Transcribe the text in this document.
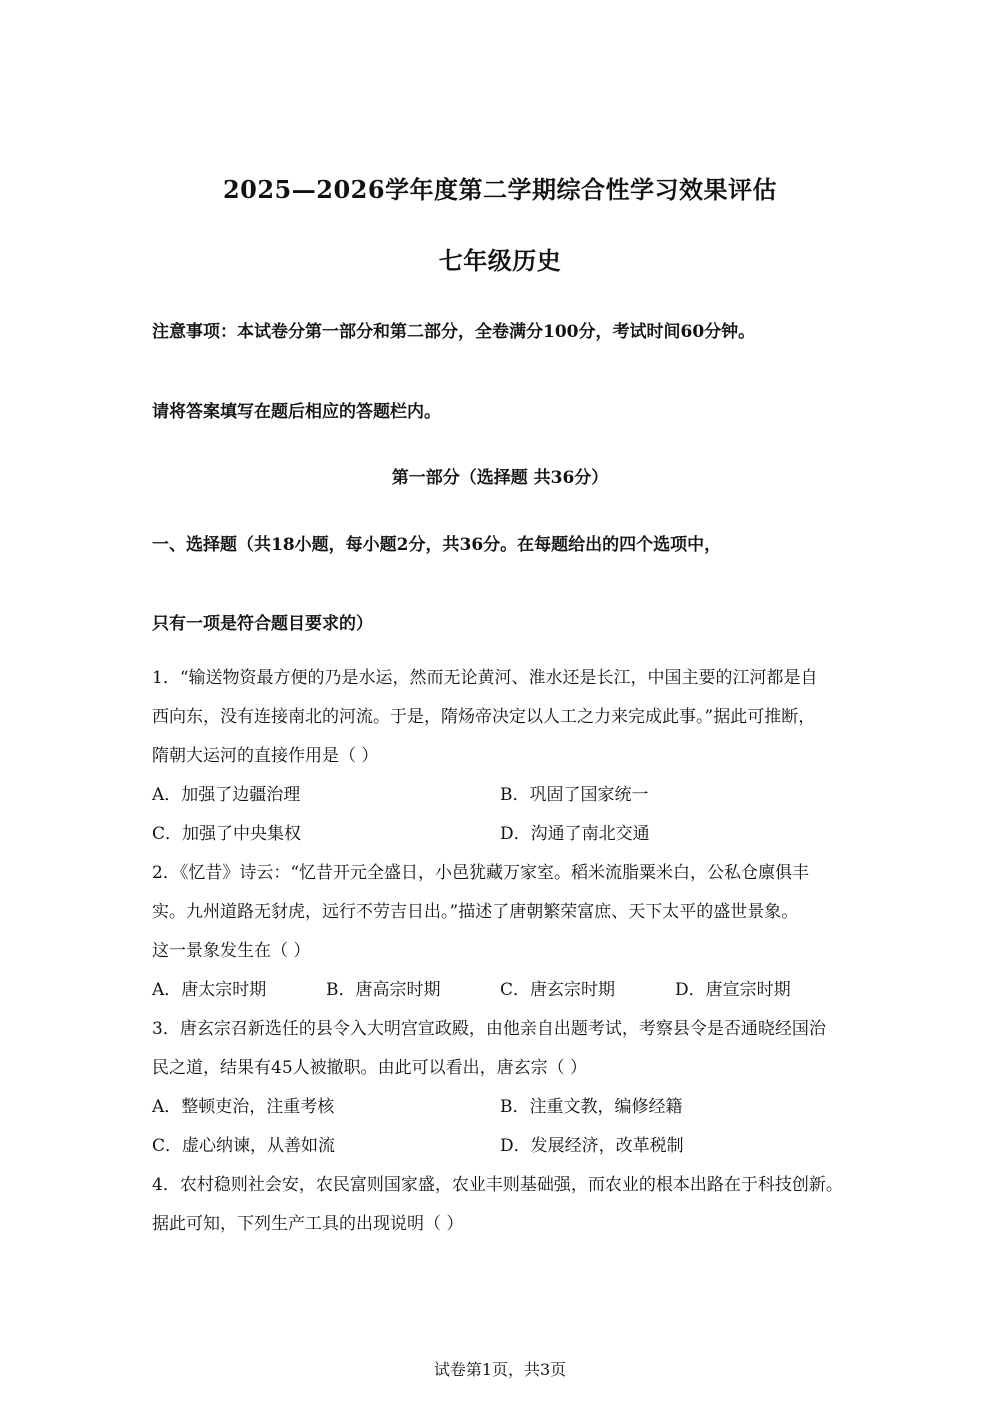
2025—2026学年度第二学期综合性学习效果评估
七年级历史
注意事项：本试卷分第一部分和第二部分，全卷满分100分，考试时间60分钟。
请将答案填写在题后相应的答题栏内。
第一部分（选择题 共36分）
一、选择题（共18小题，每小题2分，共36分。在每题给出的四个选项中，
只有一项是符合题目要求的）
1．“输送物资最方便的乃是水运，然而无论黄河、淮水还是长江，中国主要的江河都是自
西向东，没有连接南北的河流。于是，隋炀帝决定以人工之力来完成此事。”据此可推断，
隋朝大运河的直接作用是（ ）
A．加强了边疆治理	B．巩固了国家统一
C．加强了中央集权	D．沟通了南北交通
2．《忆昔》诗云：“忆昔开元全盛日，小邑犹藏万家室。稻米流脂粟米白，公私仓廪俱丰
实。九州道路无豺虎，远行不劳吉日出。”描述了唐朝繁荣富庶、天下太平的盛世景象。
这一景象发生在（ ）
A．唐太宗时期	B．唐高宗时期	C．唐玄宗时期	D．唐宣宗时期
3．唐玄宗召新选任的县令入大明宫宣政殿，由他亲自出题考试，考察县令是否通晓经国治
民之道，结果有45人被撤职。由此可以看出，唐玄宗（ ）
A．整顿吏治，注重考核	B．注重文教，编修经籍
C．虚心纳谏，从善如流	D．发展经济，改革税制
4．农村稳则社会安，农民富则国家盛，农业丰则基础强，而农业的根本出路在于科技创新。
据此可知，下列生产工具的出现说明（ ）
试卷第1页，共3页
